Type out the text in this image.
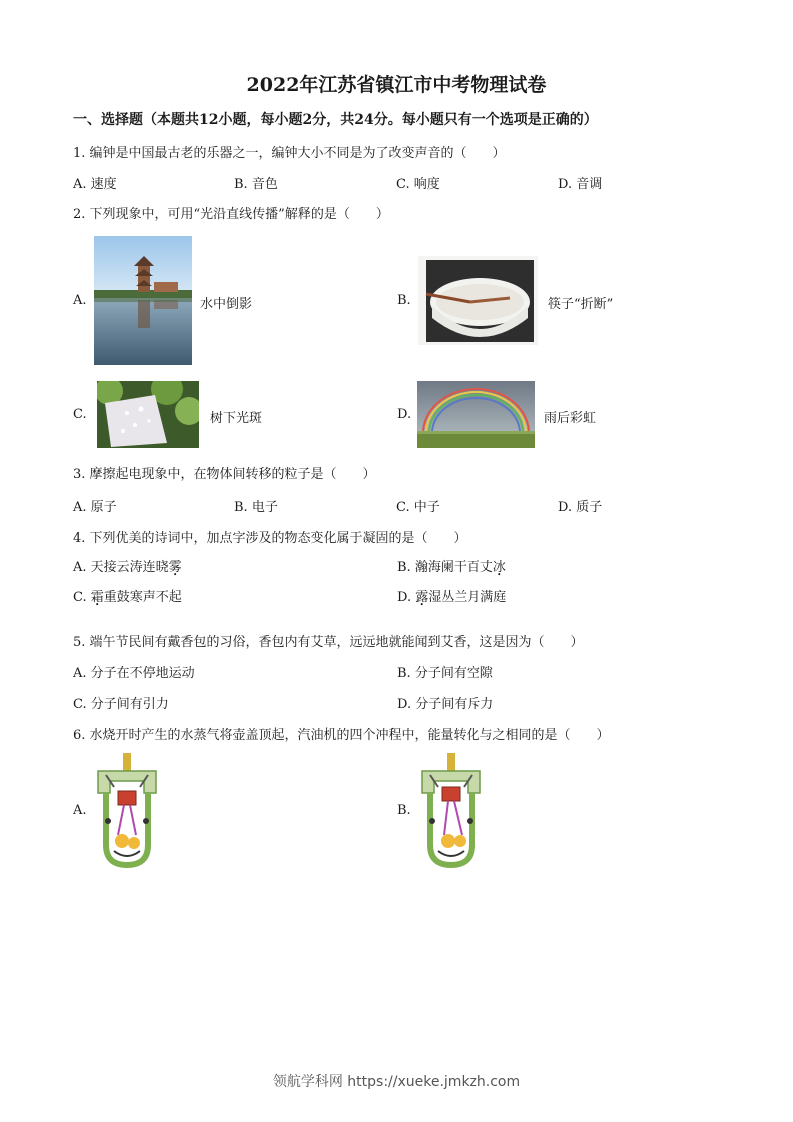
2022年江苏省镇江市中考物理试卷
一、选择题（本题共12小题，每小题2分，共24分。每小题只有一个选项是正确的）
1. 编钟是中国最古老的乐器之一，编钟大小不同是为了改变声音的（　　）
A. 速度	B. 音色	C. 响度	D. 音调
2. 下列现象中，可用“光沿直线传播”解释的是（　　）
A.	水中倒影	B.	筷子“折断”
C.	树下光斑	D.	雨后彩虹
3. 摩擦起电现象中，在物体间转移的粒子是（　　）
A. 原子	B. 电子	C. 中子	D. 质子
4. 下列优美的诗词中，加点字涉及的物态变化属于凝固的是（　　）
A. 天接云涛连晓雾	B. 瀚海阑干百丈冰
C. 霜重鼓寒声不起	D. 露湿丛兰月满庭
5. 端午节民间有戴香包的习俗，香包内有艾草，远远地就能闻到艾香，这是因为（　　）
A. 分子在不停地运动	B. 分子间有空隙
C. 分子间有引力	D. 分子间有斥力
6. 水烧开时产生的水蒸气将壶盖顶起，汽油机的四个冲程中，能量转化与之相同的是（　　）
A.	B.
领航学科网 https://xueke.jmkzh.com
